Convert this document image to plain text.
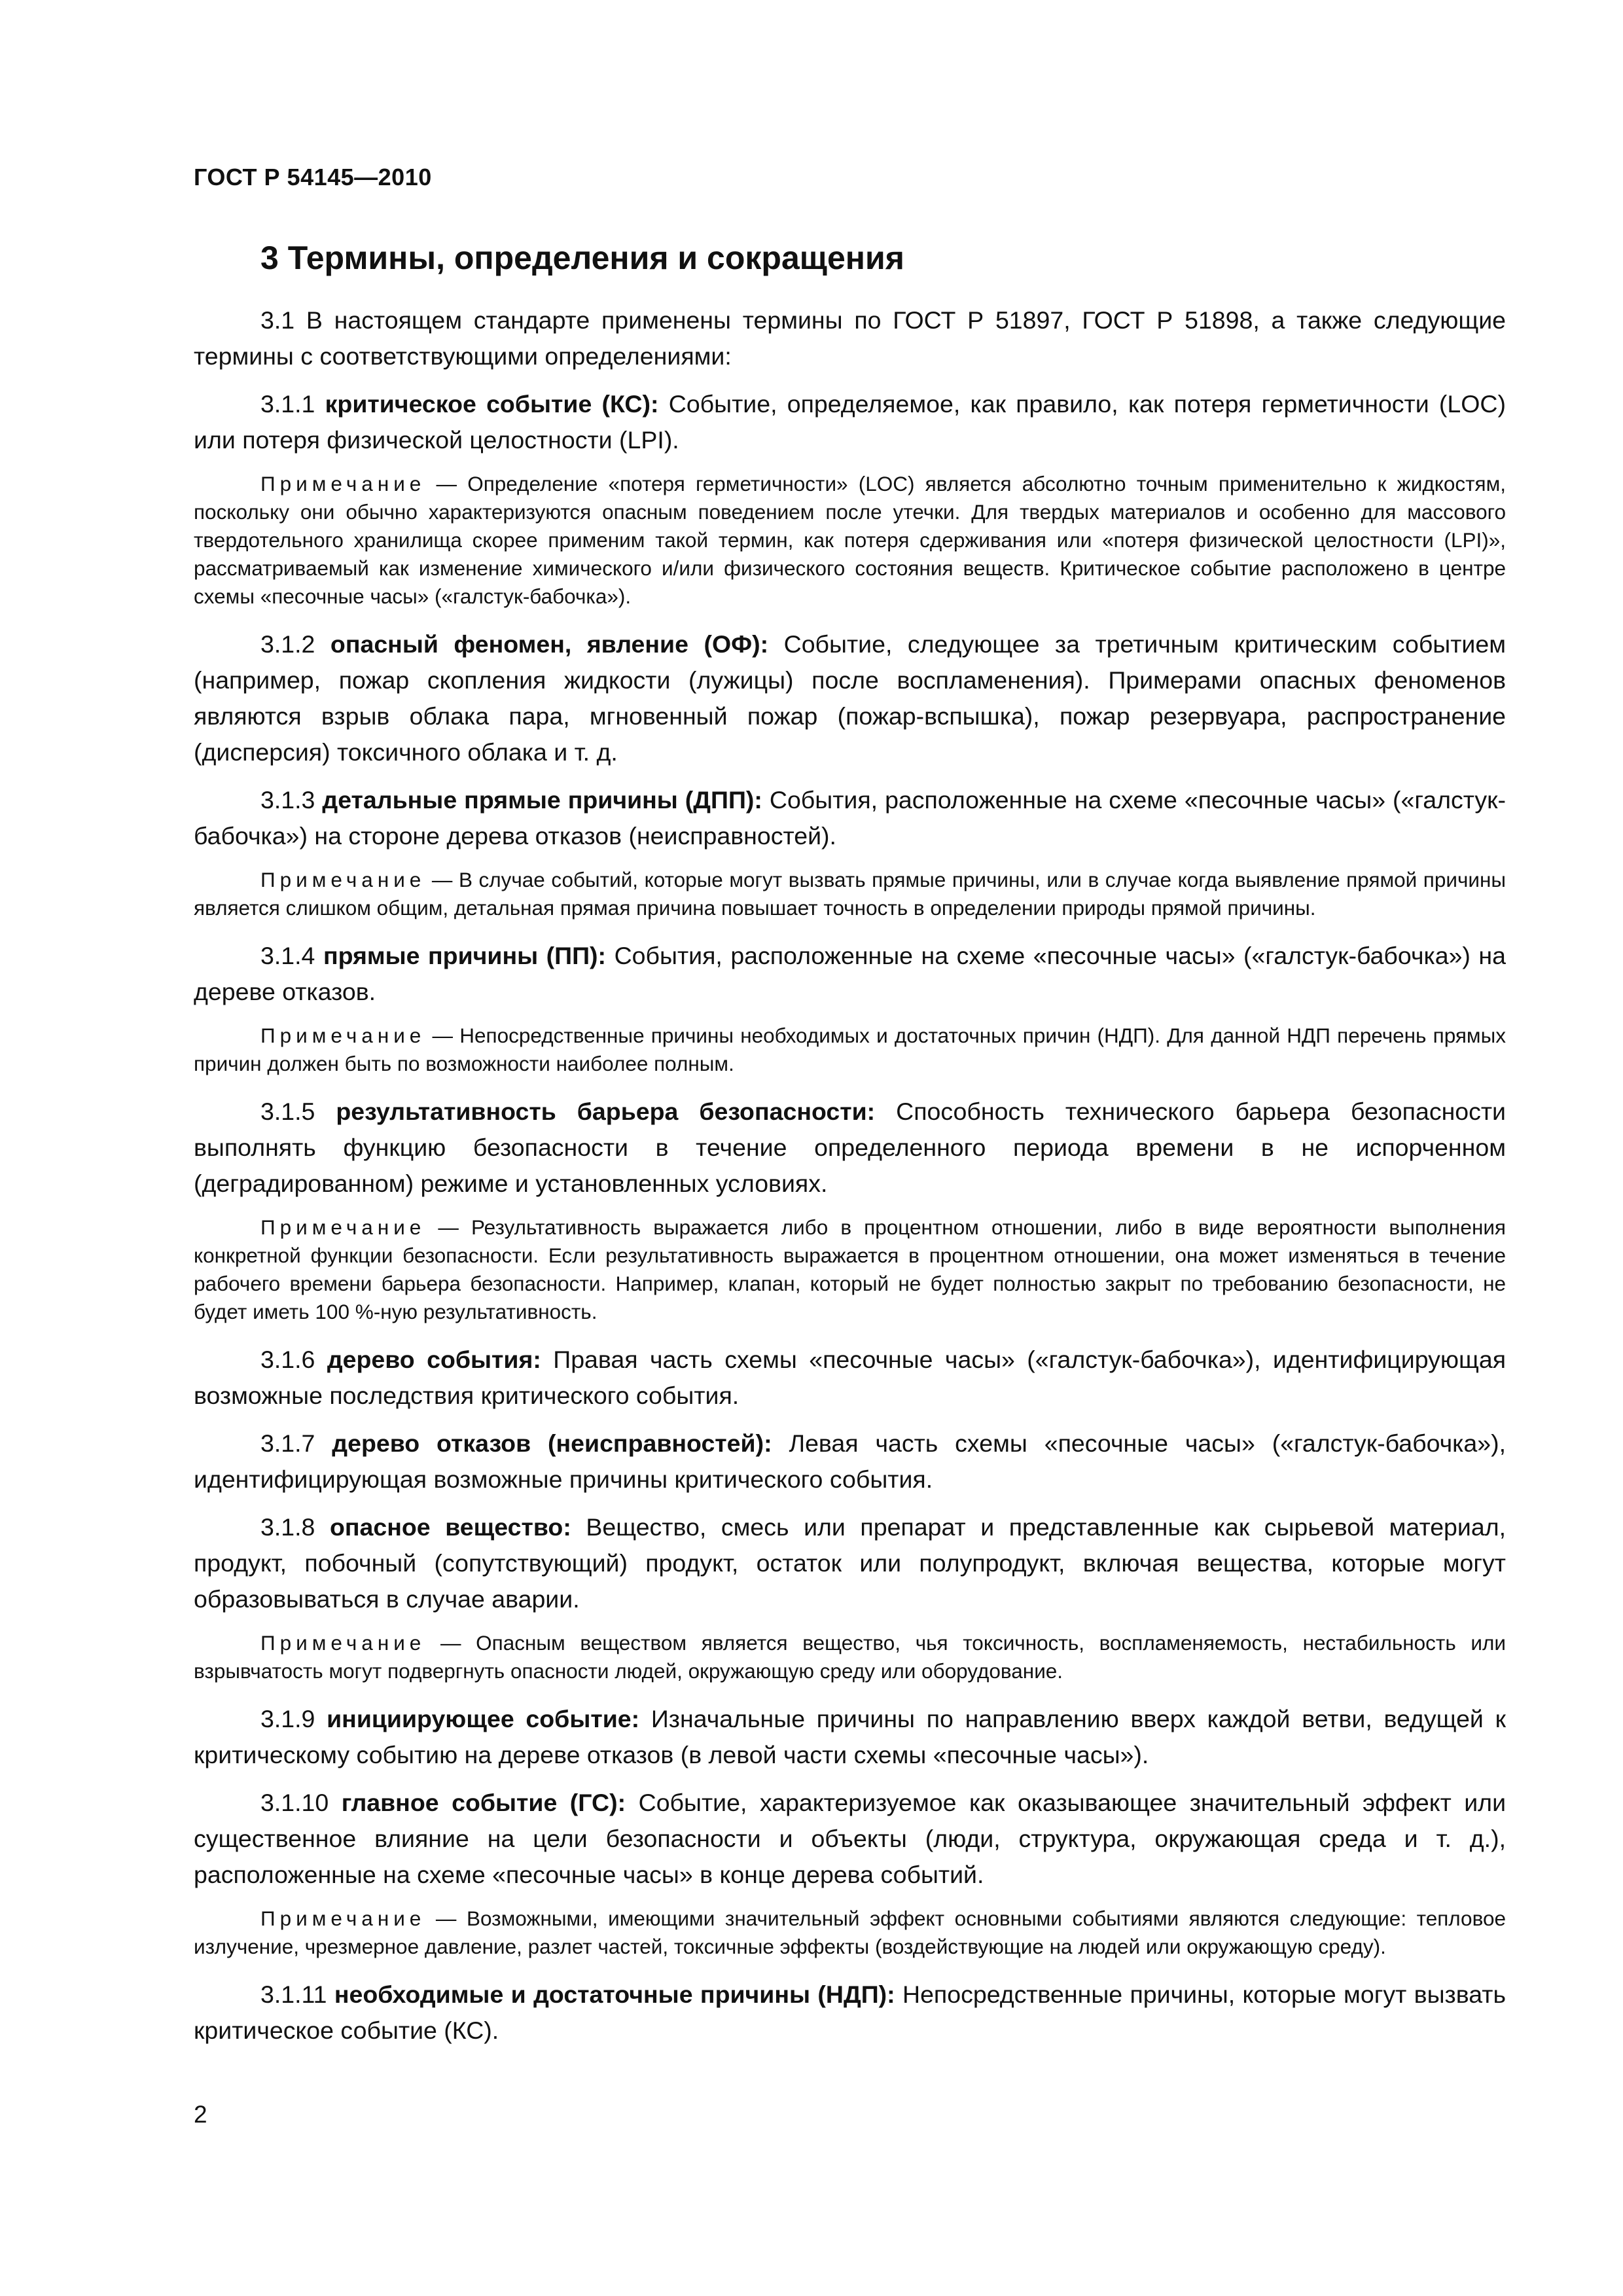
ГОСТ Р 54145—2010
3 Термины, определения и сокращения

3.1 В настоящем стандарте применены термины по ГОСТ Р 51897, ГОСТ Р 51898, а также следующие термины с соответствующими определениями:

3.1.1 критическое событие (КС): Событие, определяемое, как правило, как потеря герметичности (LOC) или потеря физической целостности (LPI).

Примечание — Определение «потеря герметичности» (LOC) является абсолютно точным применительно к жидкостям, поскольку они обычно характеризуются опасным поведением после утечки. Для твердых материалов и особенно для массового твердотельного хранилища скорее применим такой термин, как потеря сдерживания или «потеря физической целостности (LPI)», рассматриваемый как изменение химического и/или физического состояния веществ. Критическое событие расположено в центре схемы «песочные часы» («галстук-бабочка»).

3.1.2 опасный феномен, явление (ОФ): Событие, следующее за третичным критическим событием (например, пожар скопления жидкости (лужицы) после воспламенения). Примерами опасных феноменов являются взрыв облака пара, мгновенный пожар (пожар-вспышка), пожар резервуара, распространение (дисперсия) токсичного облака и т. д.

3.1.3 детальные прямые причины (ДПП): События, расположенные на схеме «песочные часы» («галстук-бабочка») на стороне дерева отказов (неисправностей).

Примечание — В случае событий, которые могут вызвать прямые причины, или в случае когда выявление прямой причины является слишком общим, детальная прямая причина повышает точность в определении природы прямой причины.

3.1.4 прямые причины (ПП): События, расположенные на схеме «песочные часы» («галстук-бабочка») на дереве отказов.

Примечание — Непосредственные причины необходимых и достаточных причин (НДП). Для данной НДП перечень прямых причин должен быть по возможности наиболее полным.

3.1.5 результативность барьера безопасности: Способность технического барьера безопасности выполнять функцию безопасности в течение определенного периода времени в не испорченном (деградированном) режиме и установленных условиях.

Примечание — Результативность выражается либо в процентном отношении, либо в виде вероятности выполнения конкретной функции безопасности. Если результативность выражается в процентном отношении, она может изменяться в течение рабочего времени барьера безопасности. Например, клапан, который не будет полностью закрыт по требованию безопасности, не будет иметь 100 %-ную результативность.

3.1.6 дерево события: Правая часть схемы «песочные часы» («галстук-бабочка»), идентифицирующая возможные последствия критического события.

3.1.7 дерево отказов (неисправностей): Левая часть схемы «песочные часы» («галстук-бабочка»), идентифицирующая возможные причины критического события.

3.1.8 опасное вещество: Вещество, смесь или препарат и представленные как сырьевой материал, продукт, побочный (сопутствующий) продукт, остаток или полупродукт, включая вещества, которые могут образовываться в случае аварии.

Примечание — Опасным веществом является вещество, чья токсичность, воспламеняемость, нестабильность или взрывчатость могут подвергнуть опасности людей, окружающую среду или оборудование.

3.1.9 инициирующее событие: Изначальные причины по направлению вверх каждой ветви, ведущей к критическому событию на дереве отказов (в левой части схемы «песочные часы»).

3.1.10 главное событие (ГС): Событие, характеризуемое как оказывающее значительный эффект или существенное влияние на цели безопасности и объекты (люди, структура, окружающая среда и т. д.), расположенные на схеме «песочные часы» в конце дерева событий.

Примечание — Возможными, имеющими значительный эффект основными событиями являются следующие: тепловое излучение, чрезмерное давление, разлет частей, токсичные эффекты (воздействующие на людей или окружающую среду).

3.1.11 необходимые и достаточные причины (НДП): Непосредственные причины, которые могут вызвать критическое событие (КС).

2
